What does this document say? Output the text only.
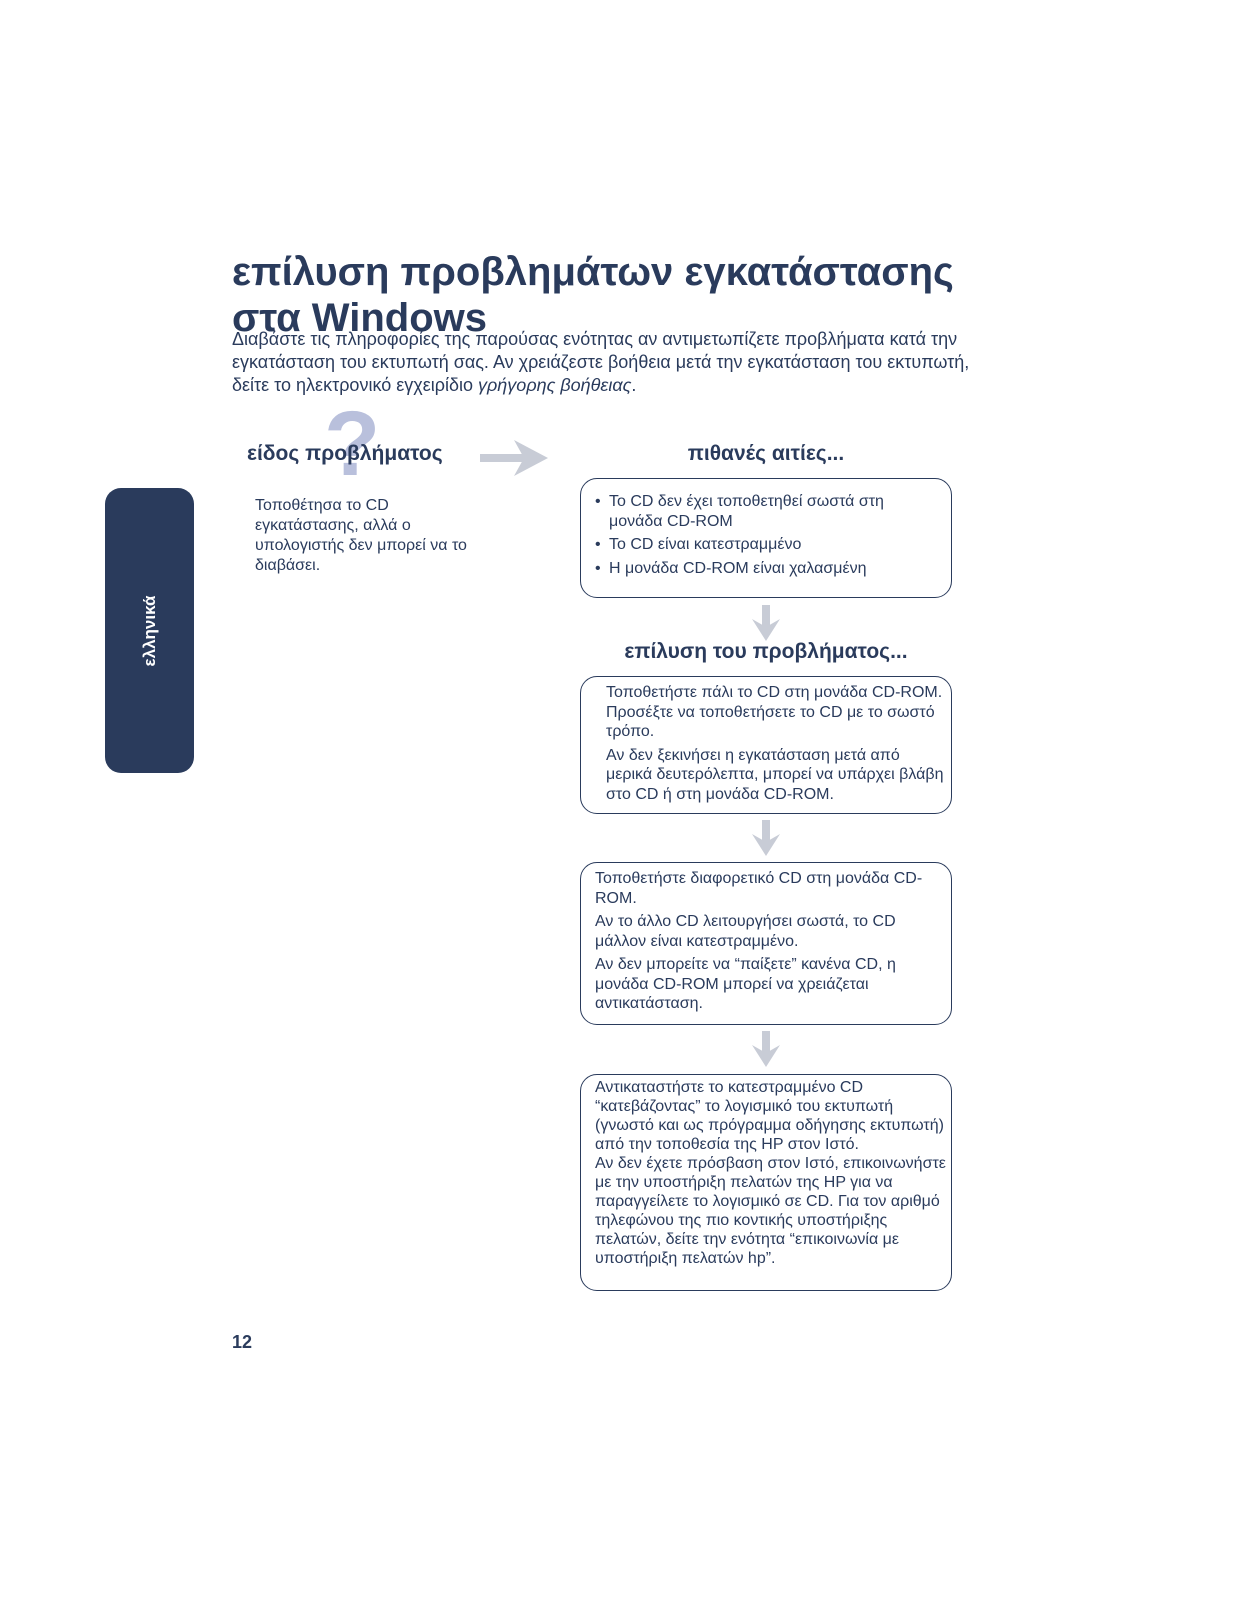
επίλυση προβλημάτων εγκατάστασης
στα Windows
Διαβάστε τις πληροφορίες της παρούσας ενότητας αν αντιμετωπίζετε προβλήματα κατά την εγκατάσταση του εκτυπωτή σας. Αν χρειάζεστε βοήθεια μετά την εγκατάσταση του εκτυπωτή, δείτε το ηλεκτρονικό εγχειρίδιο γρήγορης βοήθειας.
ελληνικά
?
είδος προβλήματος	πιθανές αιτίες...
Τοποθέτησα το CD εγκατάστασης, αλλά ο υπολογιστής δεν μπορεί να το διαβάσει.
• Το CD δεν έχει τοποθετηθεί σωστά στη μονάδα CD-ROM
• Το CD είναι κατεστραμμένο
• Η μονάδα CD-ROM είναι χαλασμένη
επίλυση του προβλήματος...

Τοποθετήστε πάλι το CD στη μονάδα CD-ROM. Προσέξτε να τοποθετήσετε το CD με το σωστό τρόπο.

Αν δεν ξεκινήσει η εγκατάσταση μετά από μερικά δευτερόλεπτα, μπορεί να υπάρχει βλάβη στο CD ή στη μονάδα CD-ROM.

Τοποθετήστε διαφορετικό CD στη μονάδα CD-ROM.

Αν το άλλο CD λειτουργήσει σωστά, το CD μάλλον είναι κατεστραμμένο.

Αν δεν μπορείτε να “παίξετε” κανένα CD, η μονάδα CD-ROM μπορεί να χρειάζεται αντικατάσταση.

Αντικαταστήστε το κατεστραμμένο CD “κατεβάζοντας” το λογισμικό του εκτυπωτή (γνωστό και ως πρόγραμμα οδήγησης εκτυπωτή) από την τοποθεσία της HP στον Ιστό.

Αν δεν έχετε πρόσβαση στον Ιστό, επικοινωνήστε με την υποστήριξη πελατών της HP για να παραγγείλετε το λογισμικό σε CD. Για τον αριθμό τηλεφώνου της πιο κοντικής υποστήριξης πελατών, δείτε την ενότητα “επικοινωνία με υποστήριξη πελατών hp”.

12
